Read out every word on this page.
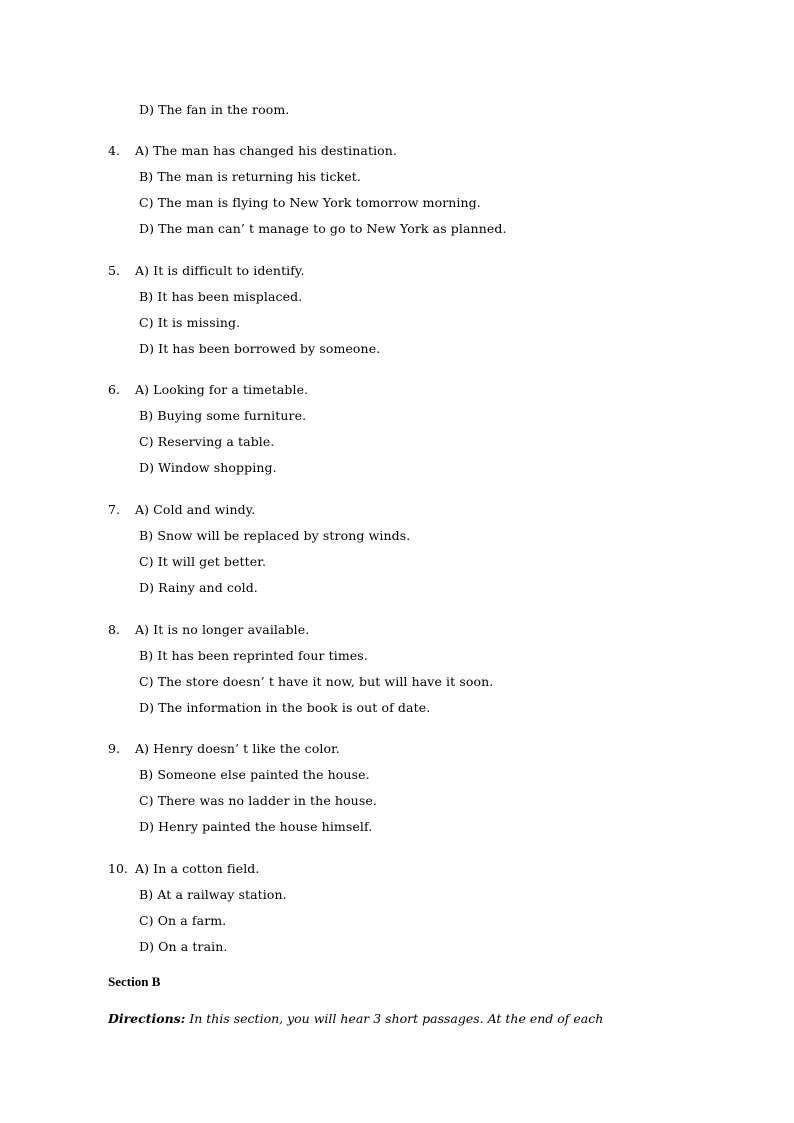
D) The fan in the room.
4. A) The man has changed his destination.
B) The man is returning his ticket.
C) The man is flying to New York tomorrow morning.
D) The man can’ t manage to go to New York as planned.
5. A) It is difficult to identify.
B) It has been misplaced.
C) It is missing.
D) It has been borrowed by someone.
6. A) Looking for a timetable.
B) Buying some furniture.
C) Reserving a table.
D) Window shopping.
7. A) Cold and windy.
B) Snow will be replaced by strong winds.
C) It will get better.
D) Rainy and cold.
8. A) It is no longer available.
B) It has been reprinted four times.
C) The store doesn’ t have it now, but will have it soon.
D) The information in the book is out of date.
9. A) Henry doesn’ t like the color.
B) Someone else painted the house.
C) There was no ladder in the house.
D) Henry painted the house himself.
10. A) In a cotton field.
B) At a railway station.
C) On a farm.
D) On a train.
Section B
Directions: In this section, you will hear 3 short passages. At the end of each
